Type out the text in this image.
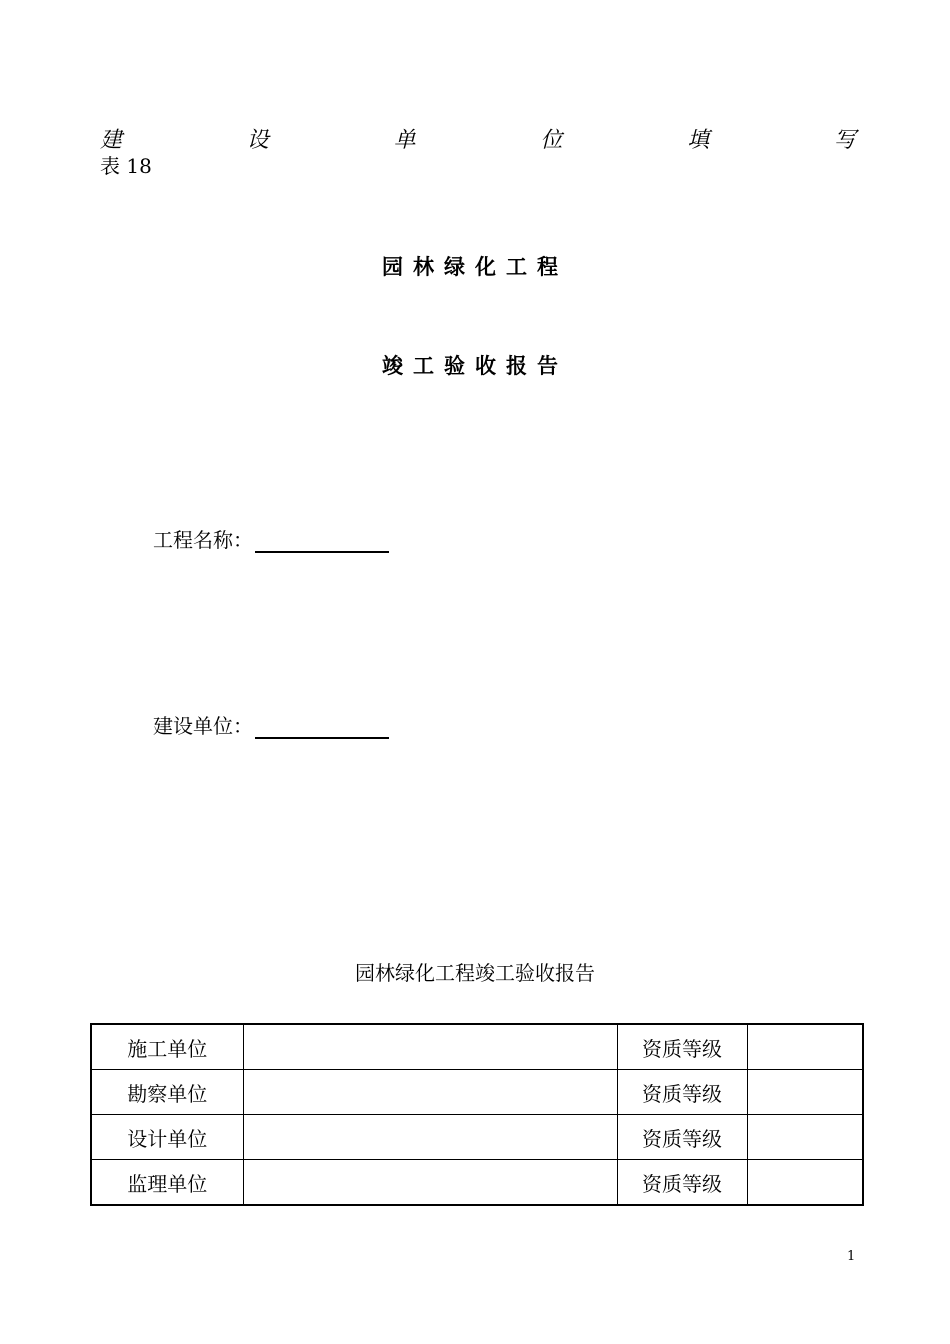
建	设	单	位	填	写
表 18
园林绿化工程
竣工验收报告
工程名称：
建设单位：
园林绿化工程竣工验收报告
施工单位		资质等级	
勘察单位		资质等级	
设计单位		资质等级	
监理单位		资质等级	
1
